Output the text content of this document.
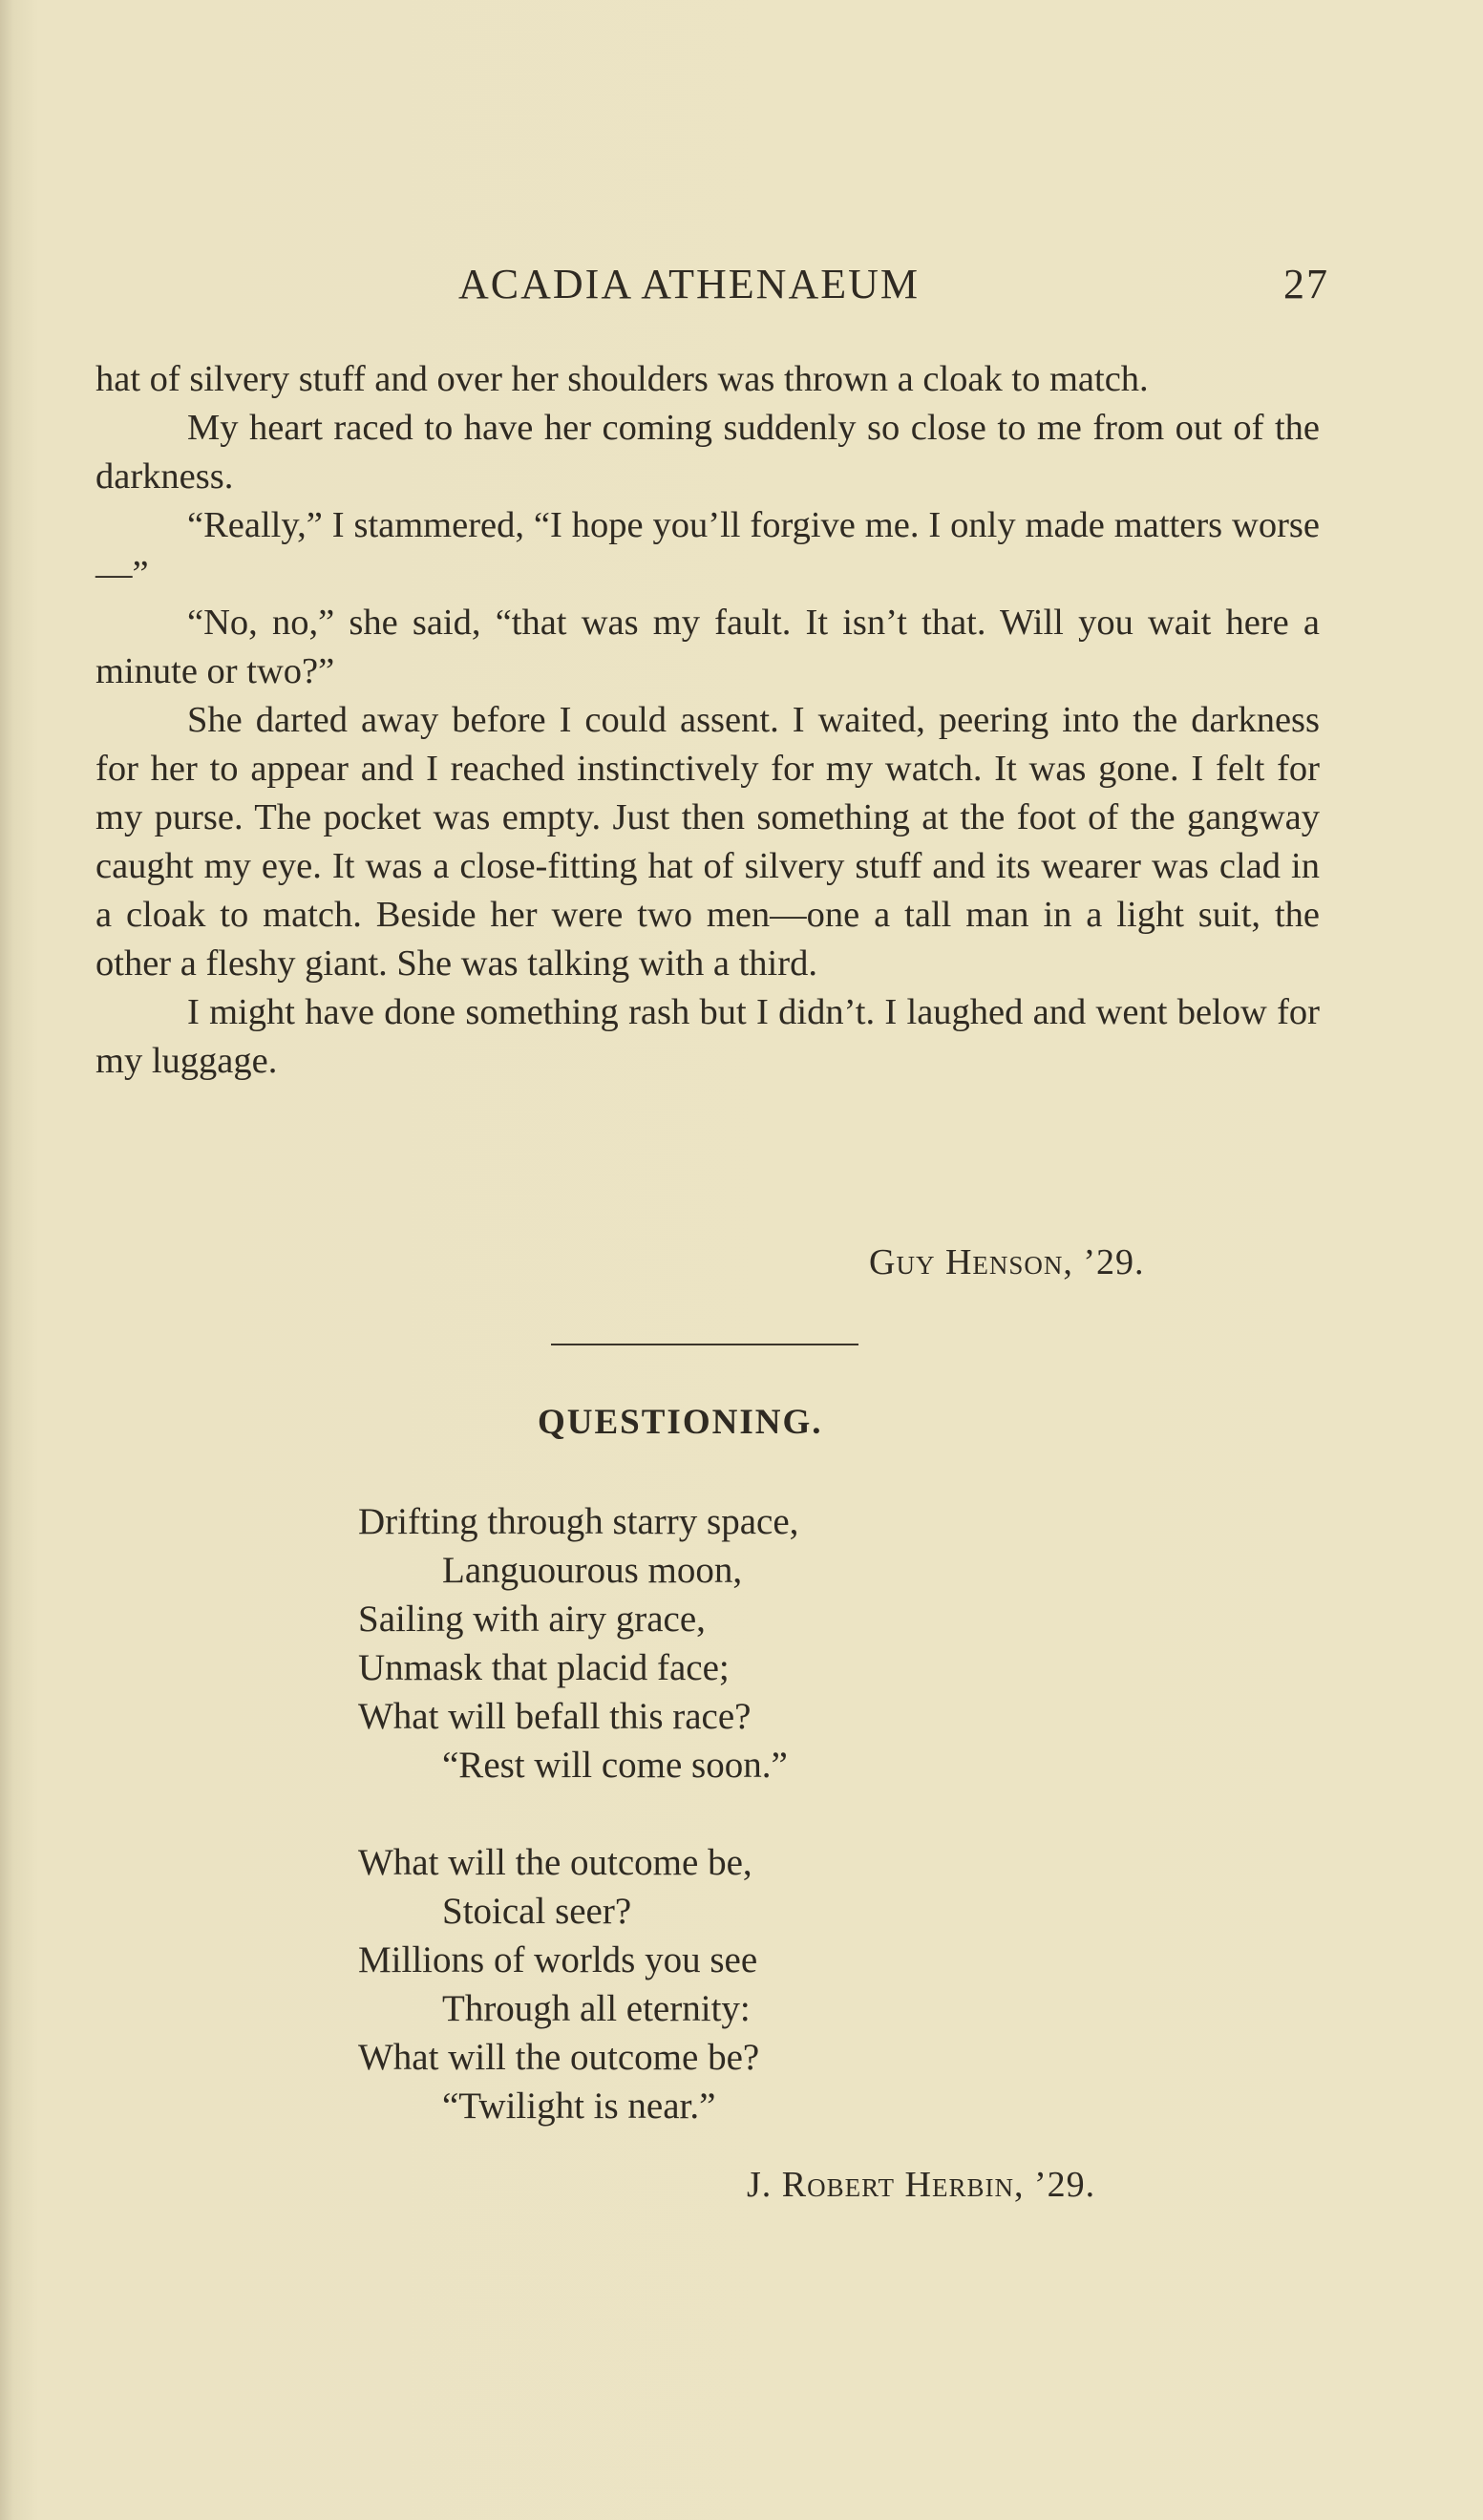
ACADIA ATHENAEUM	27

hat of silvery stuff and over her shoulders was thrown a cloak to match.

My heart raced to have her coming suddenly so close to me from out of the darkness.

“Really,” I stammered, “I hope you’ll forgive me. I only made matters worse—”

“No, no,” she said, “that was my fault. It isn’t that. Will you wait here a minute or two?”

She darted away before I could assent. I waited, peering into the darkness for her to appear and I reached instinctively for my watch. It was gone. I felt for my purse. The pocket was empty. Just then something at the foot of the gangway caught my eye. It was a close-fitting hat of silvery stuff and its wearer was clad in a cloak to match. Beside her were two men—one a tall man in a light suit, the other a fleshy giant. She was talking with a third.

I might have done something rash but I didn’t. I laughed and went below for my luggage.

Guy Henson, ’29.
QUESTIONING.
Drifting through starry space,
Languourous moon,
Sailing with airy grace,
Unmask that placid face;
What will befall this race?
“Rest will come soon.”
What will the outcome be,
Stoical seer?
Millions of worlds you see
Through all eternity:
What will the outcome be?
“Twilight is near.”
J. Robert Herbin, ’29.
